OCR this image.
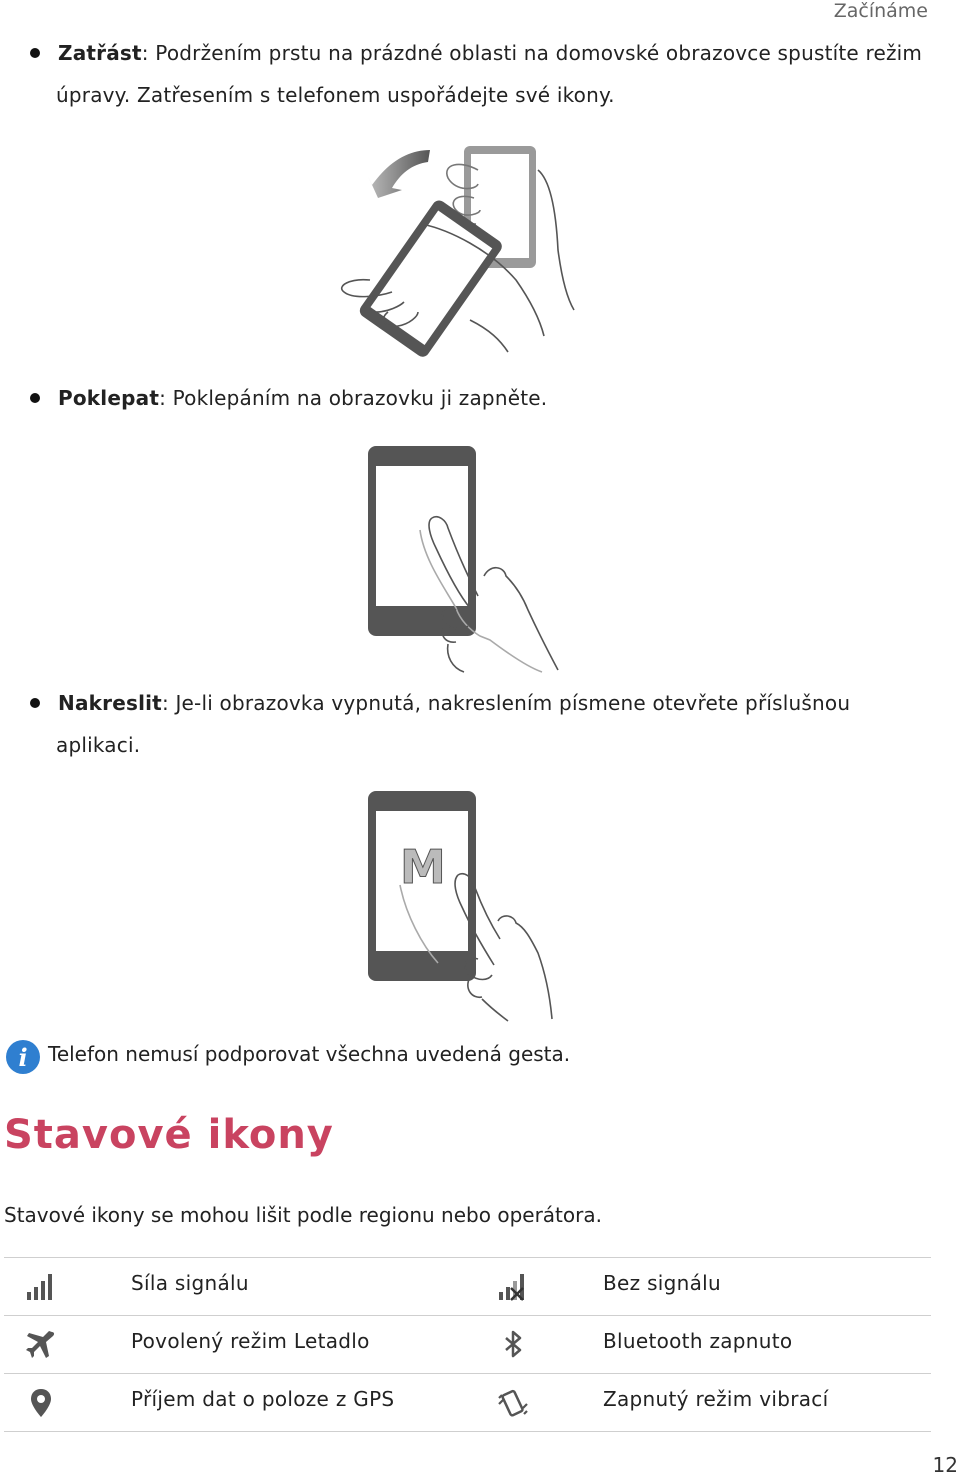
Začínáme
Zatřást: Podržením prstu na prázdné oblasti na domovské obrazovce spustíte režim
úpravy. Zatřesením s telefonem uspořádejte své ikony.
Poklepat: Poklepáním na obrazovku ji zapněte.
Nakreslit: Je-li obrazovka vypnutá, nakreslením písmene otevřete příslušnou
aplikaci.
M
i Telefon nemusí podporovat všechna uvedená gesta.
Stavové ikony
Stavové ikony se mohou lišit podle regionu nebo operátora.
Síla signálu	Bez signálu
Povolený režim Letadlo	Bluetooth zapnuto
Příjem dat o poloze z GPS	Zapnutý režim vibrací
12
